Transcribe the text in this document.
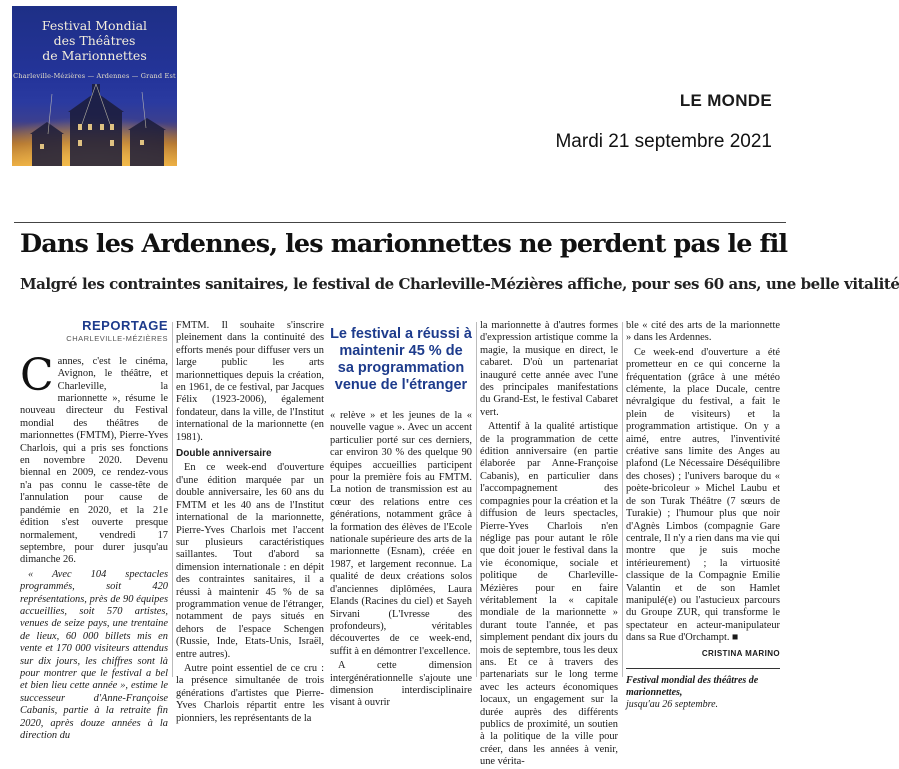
Festival Mondial
des Théâtres
de Marionnettes
Charleville-Mézières — Ardennes — Grand Est
LE MONDE
Mardi 21 septembre 2021
Dans les Ardennes, les marionnettes ne perdent pas le fil
Malgré les contraintes sanitaires, le festival de Charleville-Mézières affiche, pour ses 60 ans, une belle vitalité
REPORTAGE
CHARLEVILLE-MÉZIÈRES

Cannes, c'est le cinéma, Avignon, le théâtre, et Charleville, la marionnette », résume le nouveau directeur du Festival mondial des théâtres de marionnettes (FMTM), Pierre-Yves Charlois, qui a pris ses fonctions en novembre 2020. Devenu biennal en 2009, ce rendez-vous n'a pas connu le casse-tête de l'annulation pour cause de pandémie en 2020, et la 21e édition s'est ouverte presque normalement, vendredi 17 septembre, pour durer jusqu'au dimanche 26.

« Avec 104 spectacles programmés, soit 420 représentations, près de 90 équipes accueillies, soit 570 artistes, venues de seize pays, une trentaine de lieux, 60 000 billets mis en vente et 170 000 visiteurs attendus sur dix jours, les chiffres sont là pour montrer que le festival a bel et bien lieu cette année », estime le successeur d'Anne-Françoise Cabanis, partie à la retraite fin 2020, après douze années à la direction du

FMTM. Il souhaite s'inscrire pleinement dans la continuité des efforts menés pour diffuser vers un large public les arts marionnettiques depuis la création, en 1961, de ce festival, par Jacques Félix (1923-2006), également fondateur, dans la ville, de l'Institut international de la marionnette (en 1981).

Double anniversaire

En ce week-end d'ouverture d'une édition marquée par un double anniversaire, les 60 ans du FMTM et les 40 ans de l'Institut international de la marionnette, Pierre-Yves Charlois met l'accent sur plusieurs caractéristiques saillantes. Tout d'abord sa dimension internationale : en dépit des contraintes sanitaires, il a réussi à maintenir 45 % de sa programmation venue de l'étranger, notamment de pays situés en dehors de l'espace Schengen (Russie, Inde, Etats-Unis, Israël, entre autres).

Autre point essentiel de ce cru : la présence simultanée de trois générations d'artistes que Pierre-Yves Charlois répartit entre les pionniers, les représentants de la

Le festival a réussi à maintenir 45 % de sa programmation venue de l'étranger

« relève » et les jeunes de la « nouvelle vague ». Avec un accent particulier porté sur ces derniers, car environ 30 % des quelque 90 équipes accueillies participent pour la première fois au FMTM. La notion de transmission est au cœur des relations entre ces générations, notamment grâce à la formation des élèves de l'Ecole nationale supérieure des arts de la marionnette (Esnam), créée en 1987, et largement reconnue. La qualité de deux créations solos d'anciennes diplômées, Laura Elands (Racines du ciel) et Sayeh Sirvani (L'Ivresse des profondeurs), véritables découvertes de ce week-end, suffit à en démontrer l'excellence.

A cette dimension intergénérationnelle s'ajoute une dimension interdisciplinaire visant à ouvrir

la marionnette à d'autres formes d'expression artistique comme la magie, la musique en direct, le cabaret. D'où un partenariat inauguré cette année avec l'une des principales manifestations du Grand-Est, le festival Cabaret vert.

Attentif à la qualité artistique de la programmation de cette édition anniversaire (en partie élaborée par Anne-Françoise Cabanis), en particulier dans l'accompagnement des compagnies pour la création et la diffusion de leurs spectacles, Pierre-Yves Charlois n'en néglige pas pour autant le rôle que doit jouer le festival dans la vie économique, sociale et politique de Charleville-Mézières pour en faire véritablement la « capitale mondiale de la marionnette » durant toute l'année, et pas simplement pendant dix jours du mois de septembre, tous les deux ans. Et ce à travers des partenariats sur le long terme avec les acteurs économiques locaux, un engagement sur la durée auprès des différents publics de proximité, un soutien à la politique de la ville pour créer, dans les années à venir, une vérita-

ble « cité des arts de la marionnette » dans les Ardennes.

Ce week-end d'ouverture a été prometteur en ce qui concerne la fréquentation (grâce à une météo clémente, la place Ducale, centre névralgique du festival, a fait le plein de visiteurs) et la programmation artistique. On y a aimé, entre autres, l'inventivité créative sans limite des Anges au plafond (Le Nécessaire Déséquilibre des choses) ; l'univers baroque du « poète-bricoleur » Michel Laubu et de son Turak Théâtre (7 sœurs de Turakie) ; l'humour plus que noir d'Agnès Limbos (compagnie Gare centrale, Il n'y a rien dans ma vie qui montre que je suis moche intérieurement) ; la virtuosité classique de la Compagnie Emilie Valantin et de son Hamlet manipulé(e) ou l'astucieux parcours du Groupe ZUR, qui transforme le spectateur en acteur-manipulateur dans sa Rue d'Orchampt. ■

CRISTINA MARINO
Festival mondial des théâtres de marionnettes,
jusqu'au 26 septembre.
